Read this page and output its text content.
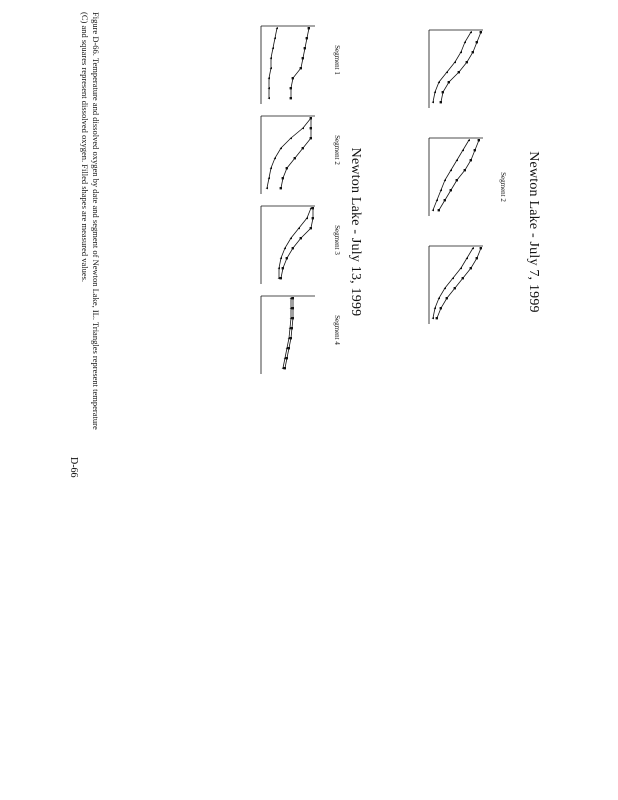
Newton Lake - July 7, 1999
Segment 2
Newton Lake - July 13, 1999
Segment 1
Segment 2
Segment 3
Segment 4
Figure D-66. Temperature and dissolved oxygen by date and segment of Newton Lake, IL. Triangles represent temperature
(C) and squares represent dissolved oxygen. Filled shapes are measured values.
D-66
